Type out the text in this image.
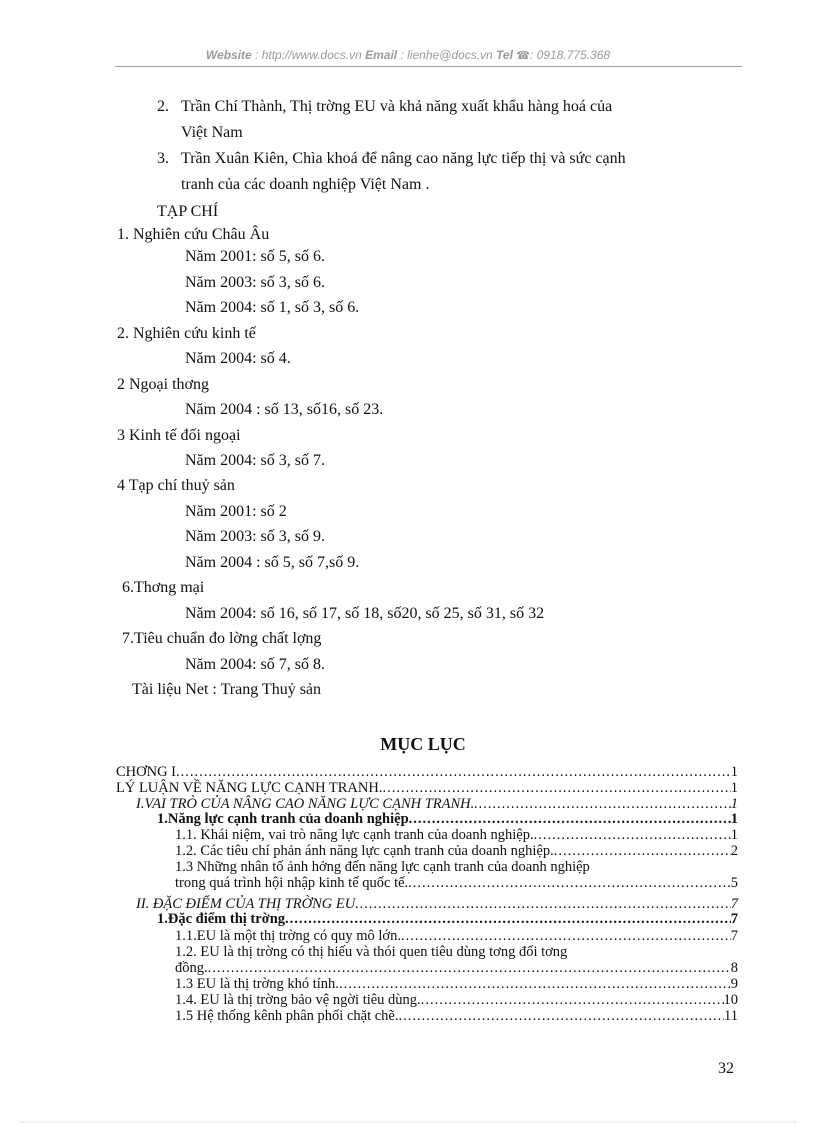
Website : http://www.docs.vn Email : lienhe@docs.vn Tel ☎: 0918.775.368
2. Trần Chí Thành, Thị trờng EU và khả năng xuất khẩu hàng hoá của
Việt Nam
3. Trần Xuân Kiên, Chìa khoá để nâng cao năng lực tiếp thị và sức cạnh
tranh của các doanh nghiệp Việt Nam .
TẠP CHÍ
1. Nghiên cứu Châu Âu
Năm 2001: số 5, số 6.
Năm 2003: số 3, số 6.
Năm 2004: số 1, số 3, số 6.
2. Nghiên cứu kinh tế
Năm 2004: số 4.
2 Ngoại thơng
Năm 2004 : số 13, số16, số 23.
3 Kinh tế đối ngoại
Năm 2004: số 3, số 7.
4 Tạp chí thuỷ sản
Năm 2001: số 2
Năm 2003: số 3, số 9.
Năm 2004 : số 5, số 7,số 9.
6.Thơng mại
Năm 2004: số 16, số 17, số 18, số20, số 25, số 31, số 32
7.Tiêu chuẩn đo lờng chất lợng
Năm 2004: số 7, số 8.
Tài liệu Net : Trang Thuỷ sản
MỤC LỤC
CHƠNG I .....	1
LÝ LUẬN VỀ NĂNG LỰC CẠNH TRANH. .....	1
I.VAI TRÒ CỦA NÂNG CAO NĂNG LỰC CẠNH TRANH. .....	1
1.Năng lực cạnh tranh của doanh nghiệp .....	1
1.1. Khái niệm, vai trò năng lực cạnh tranh của doanh nghiệp. .....	1
1.2. Các tiêu chí phản ánh năng lực cạnh tranh của doanh nghiệp. .....	2
1.3 Những nhân tố ảnh hởng đến năng lực cạnh tranh của doanh nghiệp
trong quá trình hội nhập kinh tế quốc tế. .....	5
II. ĐẶC ĐIỂM CỦA THỊ TRỜNG EU .....	7
1.Đặc điểm thị trờng .....	7
1.1.EU là một thị trờng có quy mô lớn. .....	7
1.2. EU là thị trờng có thị hiếu và thói quen tiêu dùng tơng đối tơng
đồng. .....	8
1.3 EU là thị trờng khó tính. .....	9
1.4. EU là thị trờng bảo vệ ngời tiêu dùng. .....	10
1.5 Hệ thống kênh phân phối chặt chẽ. .....	11
32
